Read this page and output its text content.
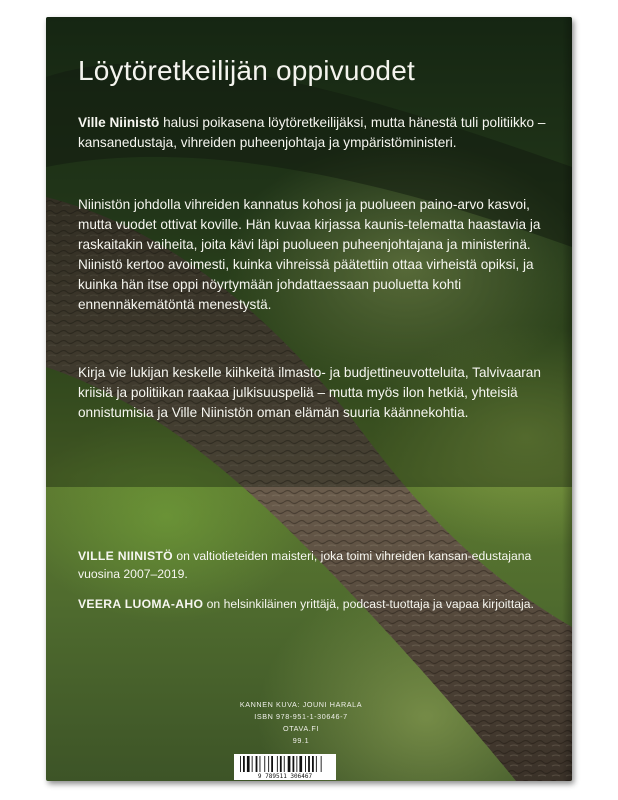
Löytöretkeilijän oppivuodet

Ville Niinistö halusi poikasena löytöretkeilijäksi, mutta hänestä tuli politiikko – kansanedustaja, vihreiden puheenjohtaja ja ympäristöministeri.

Niinistön johdolla vihreiden kannatus kohosi ja puolueen paino-arvo kasvoi, mutta vuodet ottivat koville. Hän kuvaa kirjassa kaunis-telematta haastavia ja raskaitakin vaiheita, joita kävi läpi puolueen puheenjohtajana ja ministerinä. Niinistö kertoo avoimesti, kuinka vihreissä päätettiin ottaa virheistä opiksi, ja kuinka hän itse oppi nöyrtymään johdattaessaan puoluetta kohti ennennäkemätöntä menestystä.

Kirja vie lukijan keskelle kiihkeitä ilmasto- ja budjettineuvotteluita, Talvivaaran kriisiä ja politiikan raakaa julkisuuspeliä – mutta myös ilon hetkiä, yhteisiä onnistumisia ja Ville Niinistön oman elämän suuria käännekohtia.

VILLE NIINISTÖ on valtiotieteiden maisteri, joka toimi vihreiden kansan-edustajana vuosina 2007–2019.

VEERA LUOMA-AHO on helsinkiläinen yrittäjä, podcast-tuottaja ja vapaa kirjoittaja.

KANNEN KUVA: JOUNI HARALA
ISBN 978-951-1-30646-7
OTAVA.FI
99.1
9 789511 306467
